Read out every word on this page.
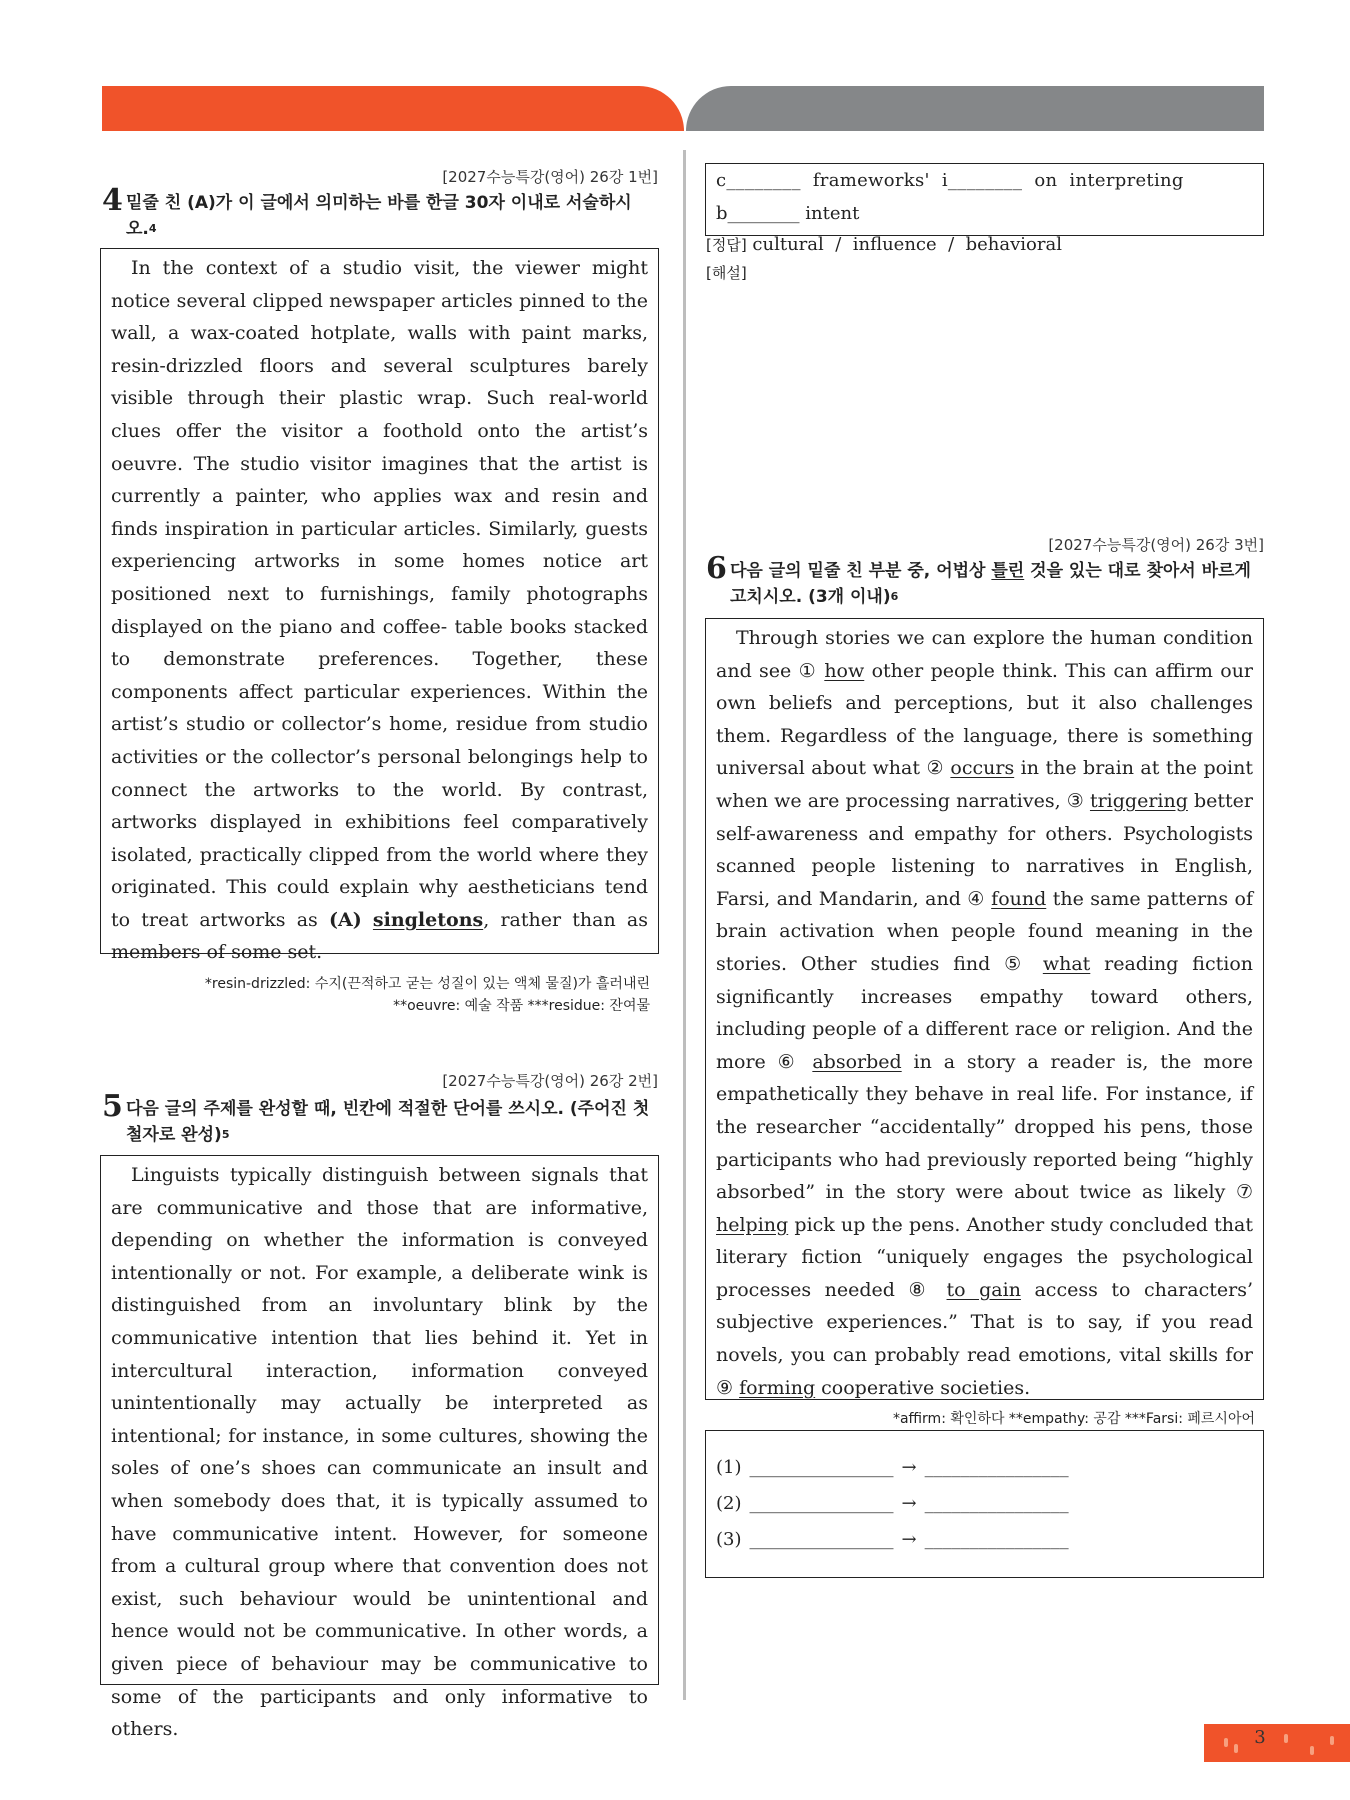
[2027수능특강(영어) 26강 1번]
4 밑줄 친 (A)가 이 글에서 의미하는 바를 한글 30자 이내로 서술하시오.$^4$

In the context of a studio visit, the viewer might notice several clipped newspaper articles pinned to the wall, a wax-coated hotplate, walls with paint marks, resin-drizzled floors and several sculptures barely visible through their plastic wrap. Such real-world clues offer the visitor a foothold onto the artist’s oeuvre. The studio visitor imagines that the artist is currently a painter, who applies wax and resin and finds inspiration in particular articles. Similarly, guests experiencing artworks in some homes notice art positioned next to furnishings, family photographs displayed on the piano and coffee- table books stacked to demonstrate preferences. Together, these components affect particular experiences. Within the artist’s studio or collector’s home, residue from studio activities or the collector’s personal belongings help to connect the artworks to the world. By contrast, artworks displayed in exhibitions feel comparatively isolated, practically clipped from the world where they originated. This could explain why aestheticians tend to treat artworks as (A) singletons, rather than as members of some set.

*resin-drizzled: 수지(끈적하고 굳는 성질이 있는 액체 물질)가 흘러내린
**oeuvre: 예술 작품 ***residue: 잔여물
[2027수능특강(영어) 26강 2번]
5 다음 글의 주제를 완성할 때, 빈칸에 적절한 단어를 쓰시오. (주어진 첫 철자로 완성)$^5$

Linguists typically distinguish between signals that are communicative and those that are informative, depending on whether the information is conveyed intentionally or not. For example, a deliberate wink is distinguished from an involuntary blink by the communicative intention that lies behind it. Yet in intercultural interaction, information conveyed unintentionally may actually be interpreted as intentional; for instance, in some cultures, showing the soles of one’s shoes can communicate an insult and when somebody does that, it is typically assumed to have communicative intent. However, for someone from a cultural group where that convention does not exist, such behaviour would be unintentional and hence would not be communicative. In other words, a given piece of behaviour may be communicative to some of the participants and only informative to others.

c________  frameworks'  i________  on  interpreting
b________ intent
[정답] cultural  /  influence  /  behavioral
[해설]
[2027수능특강(영어) 26강 3번]
6 다음 글의 밑줄 친 부분 중, 어법상 틀린 것을 있는 대로 찾아서 바르게 고치시오. (3개 이내)$^6$

Through stories we can explore the human condition and see ① how other people think. This can affirm our own beliefs and perceptions, but it also challenges them. Regardless of the language, there is something universal about what ② occurs in the brain at the point when we are processing narratives, ③ triggering better self-awareness and empathy for others. Psychologists scanned people listening to narratives in English, Farsi, and Mandarin, and ④ found the same patterns of brain activation when people found meaning in the stories. Other studies find ⑤ what reading fiction significantly increases empathy toward others, including people of a different race or religion. And the more ⑥ absorbed in a story a reader is, the more empathetically they behave in real life. For instance, if the researcher “accidentally” dropped his pens, those participants who had previously reported being “highly absorbed” in the story were about twice as likely ⑦ helping pick up the pens. Another study concluded that literary fiction “uniquely engages the psychological processes needed ⑧ to gain access to characters’ subjective experiences.” That is to say, if you read novels, you can probably read emotions, vital skills for ⑨ forming cooperative societies.

*affirm: 확인하다 **empathy: 공감 ***Farsi: 페르시아어
(1) ________________ → ________________
(2) ________________ → ________________
(3) ________________ → ________________
3
